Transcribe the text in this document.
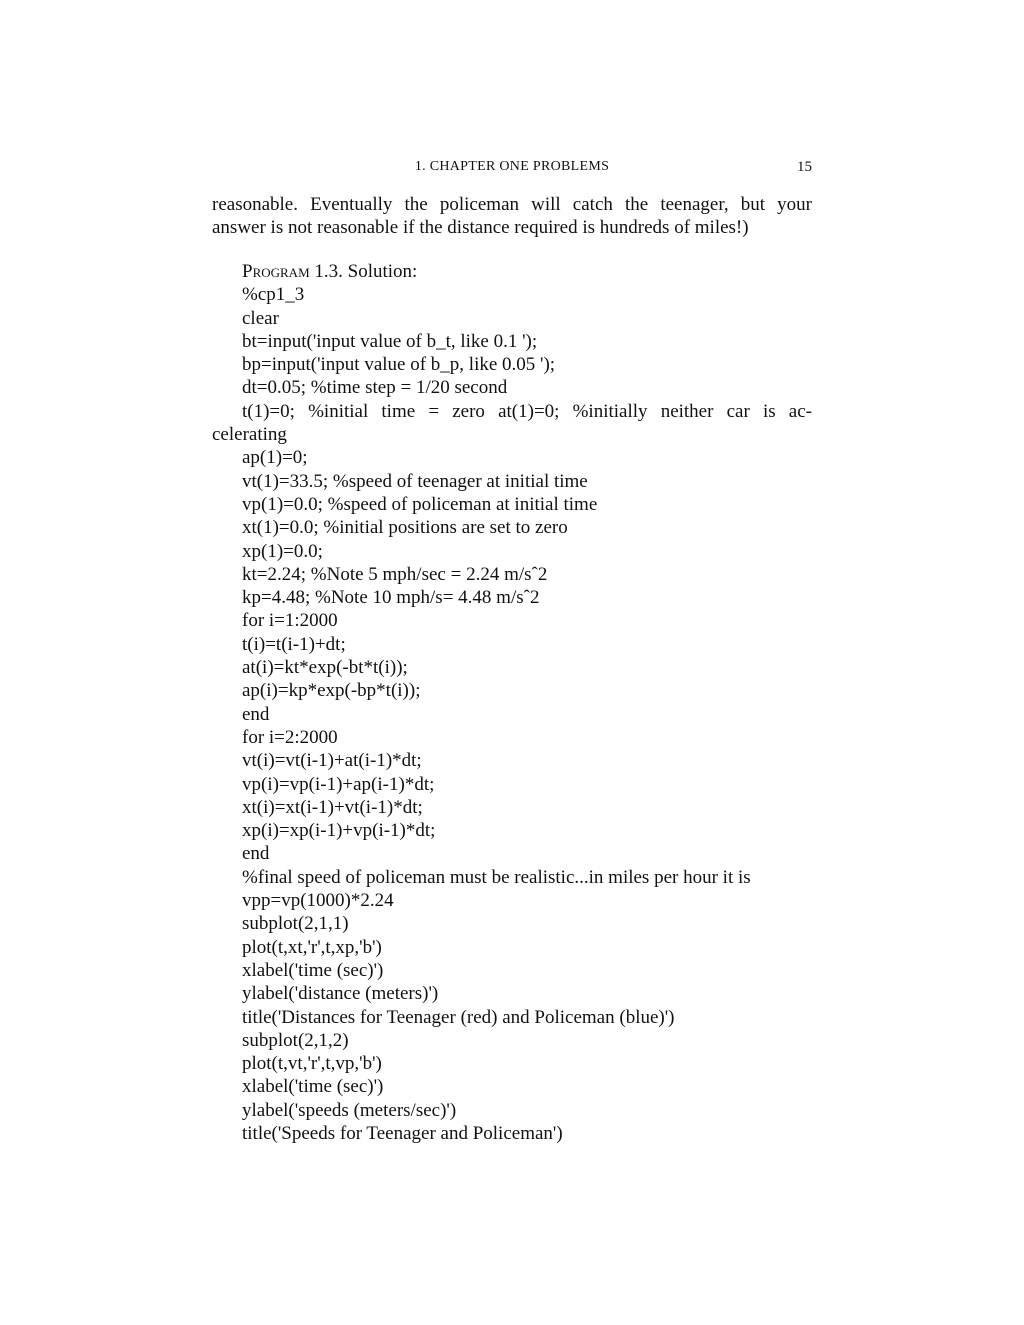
1. CHAPTER ONE PROBLEMS	15
reasonable. Eventually the policeman will catch the teenager, but your
answer is not reasonable if the distance required is hundreds of miles!)
Program 1.3. Solution:
%cp1_3
clear
bt=input('input value of b_t, like 0.1 ');
bp=input('input value of b_p, like 0.05 ');
dt=0.05; %time step = 1/20 second
t(1)=0; %initial time = zero at(1)=0; %initially neither car is ac-
celerating
ap(1)=0;
vt(1)=33.5; %speed of teenager at initial time
vp(1)=0.0; %speed of policeman at initial time
xt(1)=0.0; %initial positions are set to zero
xp(1)=0.0;
kt=2.24; %Note 5 mph/sec = 2.24 m/sˆ2
kp=4.48; %Note 10 mph/s= 4.48 m/sˆ2
for i=1:2000
t(i)=t(i-1)+dt;
at(i)=kt*exp(-bt*t(i));
ap(i)=kp*exp(-bp*t(i));
end
for i=2:2000
vt(i)=vt(i-1)+at(i-1)*dt;
vp(i)=vp(i-1)+ap(i-1)*dt;
xt(i)=xt(i-1)+vt(i-1)*dt;
xp(i)=xp(i-1)+vp(i-1)*dt;
end
%final speed of policeman must be realistic...in miles per hour it is
vpp=vp(1000)*2.24
subplot(2,1,1)
plot(t,xt,'r',t,xp,'b')
xlabel('time (sec)')
ylabel('distance (meters)')
title('Distances for Teenager (red) and Policeman (blue)')
subplot(2,1,2)
plot(t,vt,'r',t,vp,'b')
xlabel('time (sec)')
ylabel('speeds (meters/sec)')
title('Speeds for Teenager and Policeman')
